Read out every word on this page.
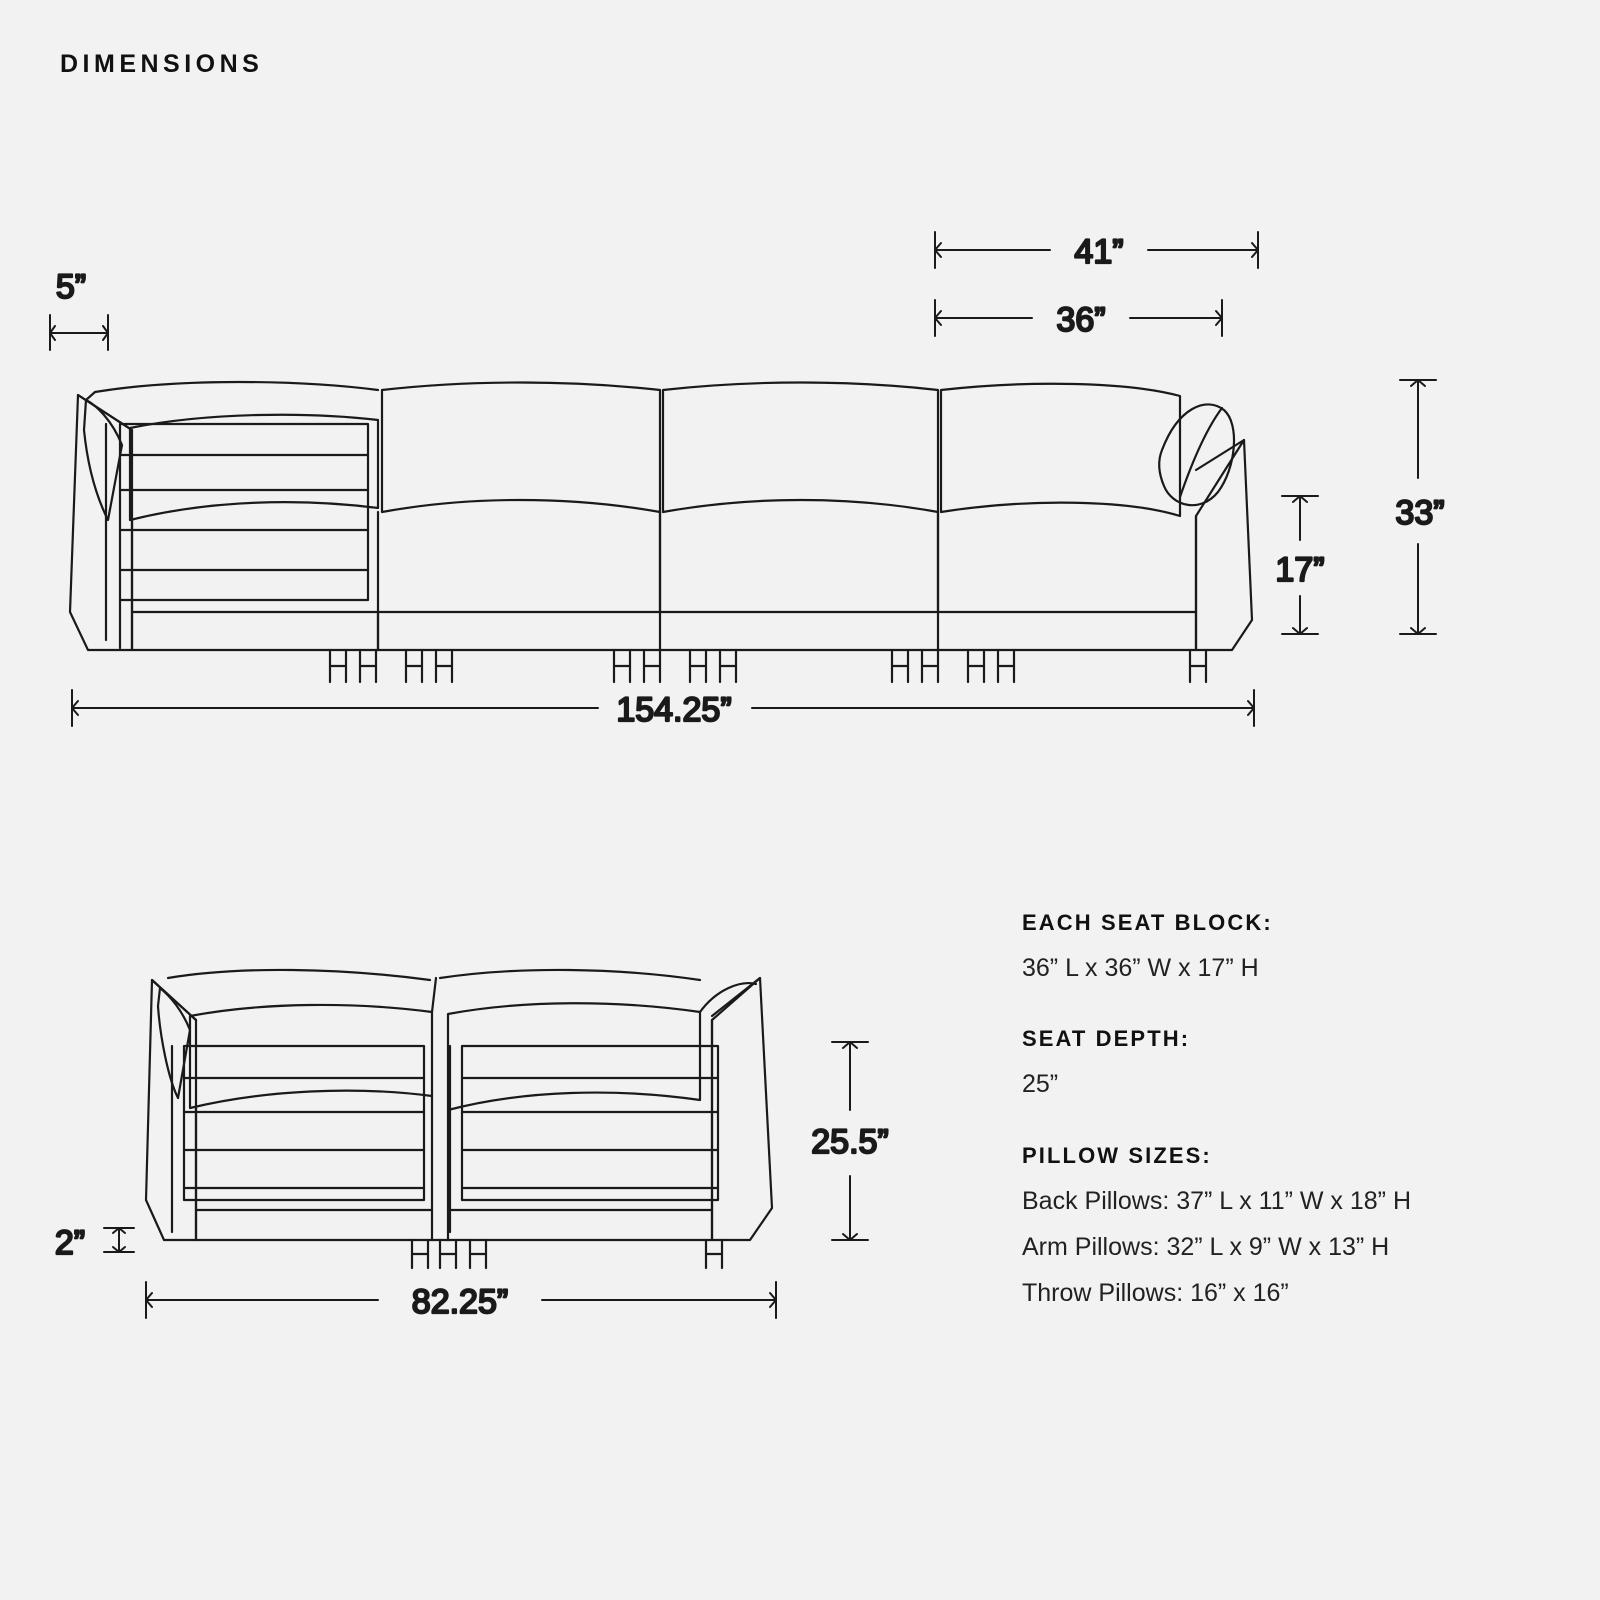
DIMENSIONS
5”
41”
36”
17”
33”
154.25”
2”
25.5”
82.25”
EACH SEAT BLOCK:
36” L x 36” W x 17” H
SEAT DEPTH:
25”
PILLOW SIZES:
Back Pillows: 37” L x 11” W x 18” H
Arm Pillows: 32” L x 9” W x 13” H
Throw Pillows: 16” x 16”
